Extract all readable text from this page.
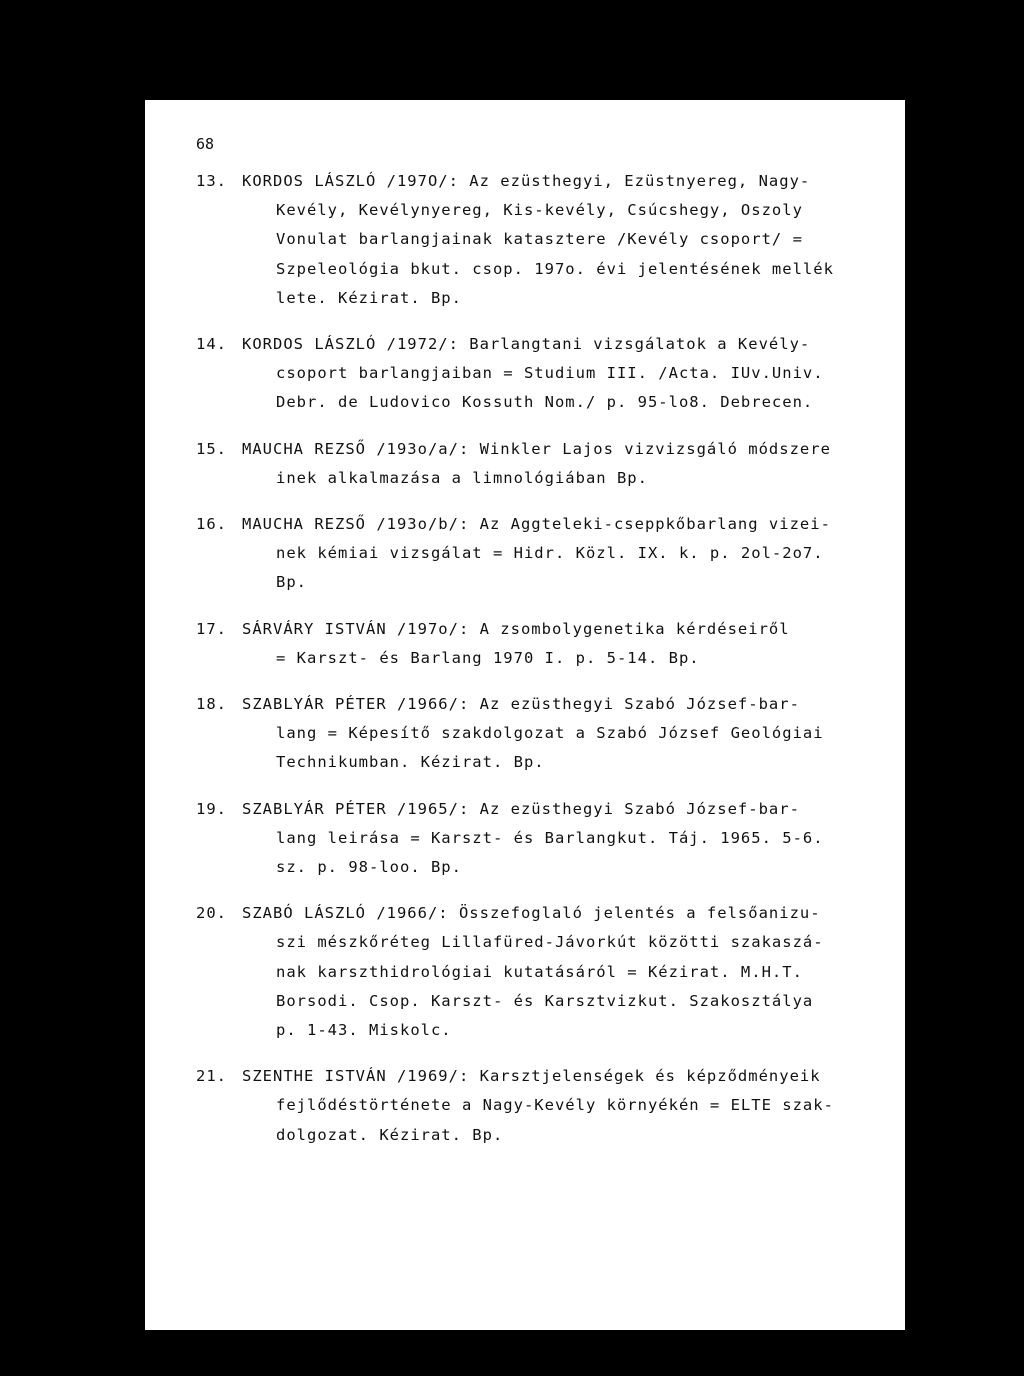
68
13. KORDOS LÁSZLÓ /197O/: Az ezüsthegyi, Ezüstnyereg, Nagy-
Kevély, Kevélynyereg, Kis-kevély, Csúcshegy, Oszoly
Vonulat barlangjainak katasztere /Kevély csoport/ =
Szpeleológia bkut. csop. 197o. évi jelentésének mellék
lete. Kézirat. Bp.
14. KORDOS LÁSZLÓ /1972/: Barlangtani vizsgálatok a Kevély-
csoport barlangjaiban = Studium III. /Acta. IUv.Univ.
Debr. de Ludovico Kossuth Nom./ p. 95-lo8. Debrecen.
15. MAUCHA REZSŐ /193o/a/: Winkler Lajos vizvizsgáló módszere
inek alkalmazása a limnológiában Bp.
16. MAUCHA REZSŐ /193o/b/: Az Aggteleki-cseppkőbarlang vizei-
nek kémiai vizsgálat = Hidr. Közl. IX. k. p. 2ol-2o7.
Bp.
17. SÁRVÁRY ISTVÁN /197o/: A zsombolygenetika kérdéseiről
= Karszt- és Barlang 1970 I. p. 5-14. Bp.
18. SZABLYÁR PÉTER /1966/: Az ezüsthegyi Szabó József-bar-
lang = Képesítő szakdolgozat a Szabó József Geológiai
Technikumban. Kézirat. Bp.
19. SZABLYÁR PÉTER /1965/: Az ezüsthegyi Szabó József-bar-
lang leirása = Karszt- és Barlangkut. Táj. 1965. 5-6.
sz. p. 98-loo. Bp.
20. SZABÓ LÁSZLÓ /1966/: Összefoglaló jelentés a felsőanizu-
szi mészkőréteg Lillafüred-Jávorkút közötti szakaszá-
nak karszthidrológiai kutatásáról = Kézirat. M.H.T.
Borsodi. Csop. Karszt- és Karsztvizkut. Szakosztálya
p. 1-43. Miskolc.
21. SZENTHE ISTVÁN /1969/: Karsztjelenségek és képződményeik
fejlődéstörténete a Nagy-Kevély környékén = ELTE szak-
dolgozat. Kézirat. Bp.
